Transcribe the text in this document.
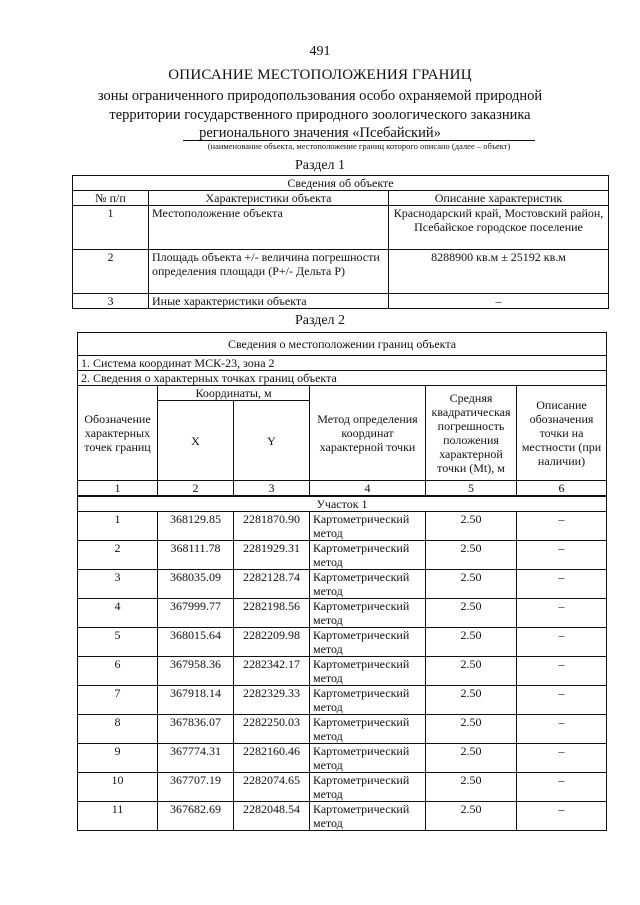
491
ОПИСАНИЕ МЕСТОПОЛОЖЕНИЯ ГРАНИЦ
зоны ограниченного природопользования особо охраняемой природной
территории государственного природного зоологического заказника
регионального значения «Псебайский»
(наименование объекта, местоположение границ которого описано (далее – объект)
Раздел 1
Сведения об объекте		
№ п/п	Характеристики объекта	Описание характеристик
1	Местоположение объекта	Краснодарский край, Мостовский район, Псебайское городское поселение
2	Площадь объекта +/- величина погрешности определения площади (P+/- Дельта P)	8288900 кв.м ± 25192 кв.м
3	Иные характеристики объекта	–
Раздел 2
Сведения о местоположении границ объекта					
1. Система координат МСК-23, зона 2					
2. Сведения о характерных точках границ объекта					
Обозначение характерных точек границ	Координаты, м		Метод определения координат характерной точки	Средняя квадратическая погрешность положения характерной точки (Mt), м	Описание обозначения точки на местности (при наличии)
	X	Y			
1	2	3	4	5	6
Участок 1					
1	368129.85	2281870.90	Картометрический метод	2.50	–
2	368111.78	2281929.31	Картометрический метод	2.50	–
3	368035.09	2282128.74	Картометрический метод	2.50	–
4	367999.77	2282198.56	Картометрический метод	2.50	–
5	368015.64	2282209.98	Картометрический метод	2.50	–
6	367958.36	2282342.17	Картометрический метод	2.50	–
7	367918.14	2282329.33	Картометрический метод	2.50	–
8	367836.07	2282250.03	Картометрический метод	2.50	–
9	367774.31	2282160.46	Картометрический метод	2.50	–
10	367707.19	2282074.65	Картометрический метод	2.50	–
11	367682.69	2282048.54	Картометрический метод	2.50	–
